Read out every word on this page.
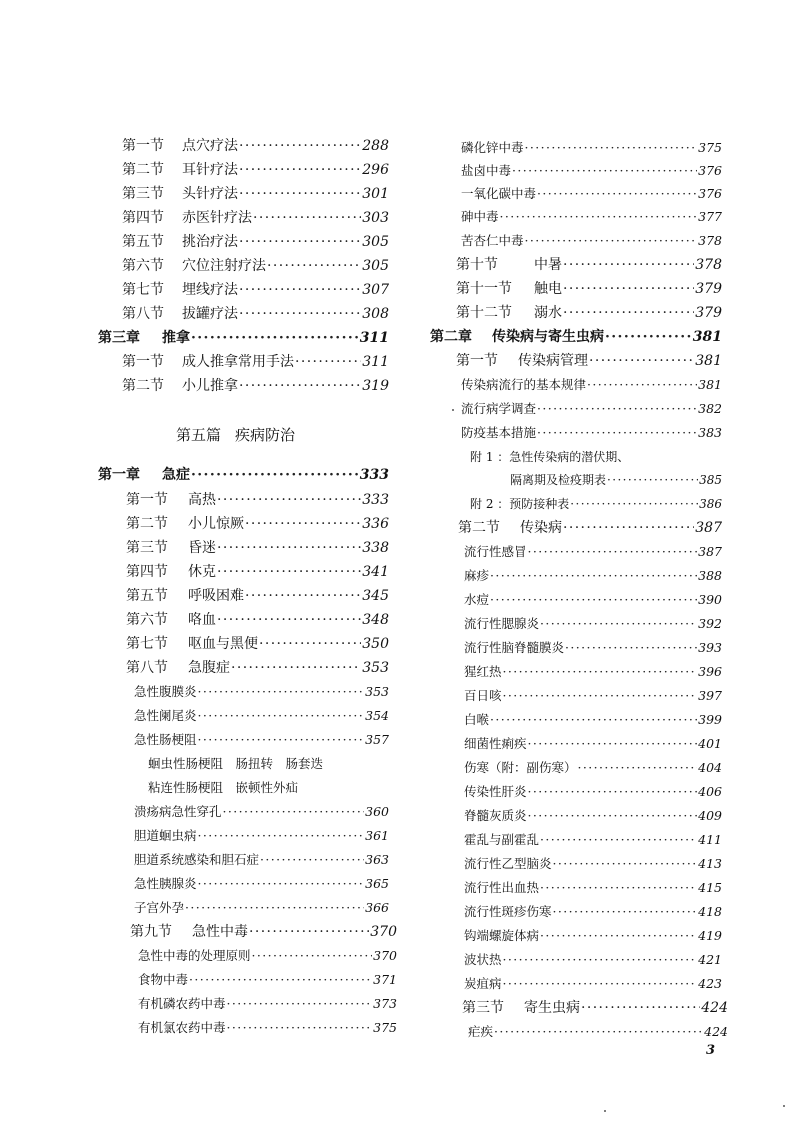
第一节	点穴疗法 ·····	288
第二节	耳针疗法 ·····	296
第三节	头针疗法 ·····	301
第四节	赤医针疗法 ·····	303
第五节	挑治疗法 ·····	305
第六节	穴位注射疗法 ·····	305
第七节	埋线疗法 ·····	307
第八节	拔罐疗法 ·····	308
第三章	推拿 ·····	311
第一节	成人推拿常用手法 ·····	311
第二节	小儿推拿 ·····	319
第五篇 疾病防治
第一章	急症 ·····	333
第一节	高热 ·····	333
第二节	小儿惊厥 ·····	336
第三节	昏迷 ·····	338
第四节	休克 ·····	341
第五节	呼吸困难 ·····	345
第六节	咯血 ·····	348
第七节	呕血与黑便 ·····	350
第八节	急腹症 ·····	353
急性腹膜炎 ·····	353
急性阑尾炎 ·····	354
急性肠梗阻 ·····	357
蛔虫性肠梗阻　肠扭转　肠套迭
粘连性肠梗阻　嵌顿性外疝
溃疡病急性穿孔 ·····	360
胆道蛔虫病 ·····	361
胆道系统感染和胆石症 ·····	363
急性胰腺炎 ·····	365
子宫外孕 ·····	366
第九节	急性中毒 ·····	370
急性中毒的处理原则 ·····	370
食物中毒 ·····	371
有机磷农药中毒 ·····	373
有机氯农药中毒 ·····	375
磷化锌中毒 ·····	375
盐卤中毒 ·····	376
一氧化碳中毒 ·····	376
砷中毒 ·····	377
苦杏仁中毒 ·····	378
第十节	中暑 ·····	378
第十一节	触电 ·····	379
第十二节	溺水 ·····	379
第二章	传染病与寄生虫病 ·····	381
第一节	传染病管理 ·····	381
传染病流行的基本规律 ·····	381
流行病学调查 ·····	382
防疫基本措施 ·····	383
附 1 ：急性传染病的潜伏期、
隔离期及检疫期表 ·····	385
附 2 ：预防接种表 ·····	386
第二节	传染病 ·····	387
流行性感冒 ·····	387
麻疹 ·····	388
水痘 ·····	390
流行性腮腺炎 ·····	392
流行性脑脊髓膜炎 ·····	393
猩红热 ·····	396
百日咳 ·····	397
白喉 ·····	399
细菌性痢疾 ·····	401
伤寒（附：副伤寒） ·····	404
传染性肝炎 ·····	406
脊髓灰质炎 ·····	409
霍乱与副霍乱 ·····	411
流行性乙型脑炎 ·····	413
流行性出血热 ·····	415
流行性斑疹伤寒 ·····	418
钩端螺旋体病 ·····	419
波状热 ·····	421
炭疽病 ·····	423
第三节	寄生虫病 ·····	424
疟疾 ·····	424
3
